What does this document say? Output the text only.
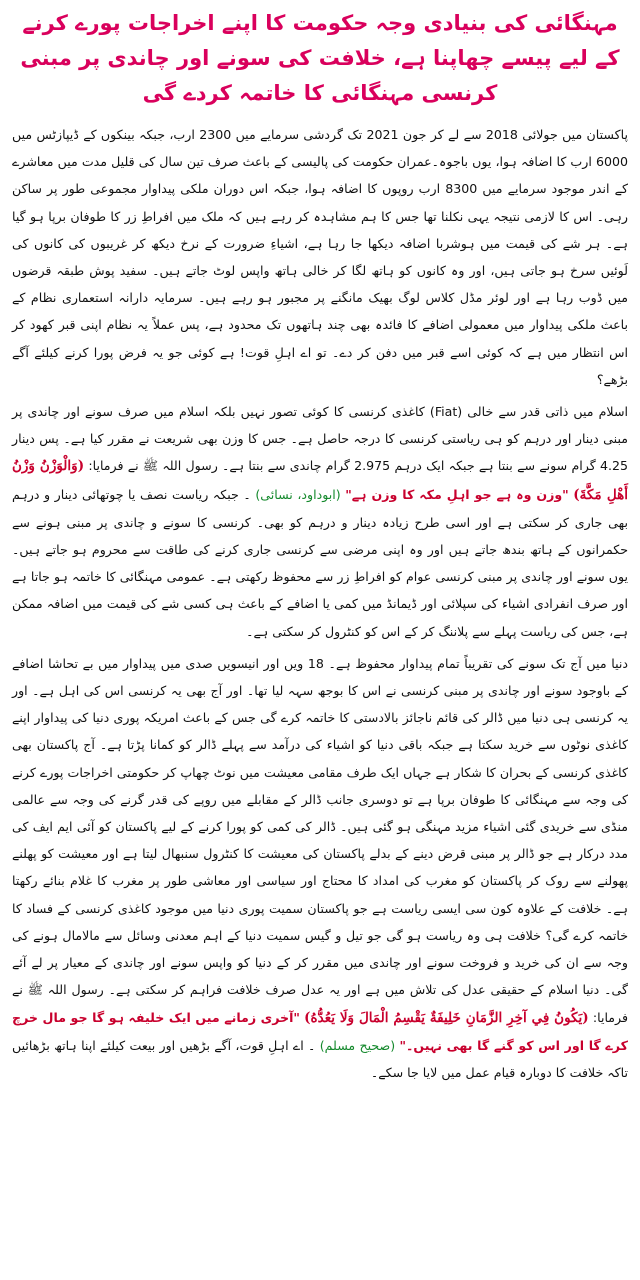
مہنگائی کی بنیادی وجہ حکومت کا اپنے اخراجات پورے کرنے کے لیے پیسے چھاپنا ہے، خلافت کی سونے اور چاندی پر مبنی کرنسی مہنگائی کا خاتمہ کردے گی

پاکستان میں جولائی 2018 سے لے کر جون 2021 تک گردشی سرمایے میں 2300 ارب، جبکہ بینکوں کے ڈیپازٹس میں 6000 ارب کا اضافہ ہوا، یوں باجوہ۔عمران حکومت کی پالیسی کے باعث صرف تین سال کی قلیل مدت میں معاشرے کے اندر موجود سرمایے میں 8300 ارب روپوں کا اضافہ ہوا، جبکہ اس دوران ملکی پیداوار مجموعی طور پر ساکن رہی۔ اس کا لازمی نتیجہ یہی نکلنا تھا جس کا ہم مشاہدہ کر رہے ہیں کہ ملک میں افراطِ زر کا طوفان برپا ہو گیا ہے۔ ہر شے کی قیمت میں ہوشربا اضافہ دیکھا جا رہا ہے، اشیاءِ ضرورت کے نرخ دیکھ کر غریبوں کی کانوں کی لَوئیں سرخ ہو جاتی ہیں، اور وہ کانوں کو ہاتھ لگا کر خالی ہاتھ واپس لوٹ جاتے ہیں۔ سفید پوش طبقہ قرضوں میں ڈوب رہا ہے اور لوئر مڈل کلاس لوگ بھیک مانگنے پر مجبور ہو رہے ہیں۔ سرمایہ دارانہ استعماری نظام کے باعث ملکی پیداوار میں معمولی اضافے کا فائدہ بھی چند ہاتھوں تک محدود ہے، پس عملاً یہ نظام اپنی قبر کھود کر اس انتظار میں ہے کہ کوئی اسے قبر میں دفن کر دے۔ تو اے اہلِ قوت! ہے کوئی جو یہ فرض پورا کرنے کیلئے آگے بڑھے؟

اسلام میں ذاتی قدر سے خالی (Fiat) کاغذی کرنسی کا کوئی تصور نہیں بلکہ اسلام میں صرف سونے اور چاندی پر مبنی دینار اور درہم کو ہی ریاستی کرنسی کا درجہ حاصل ہے۔ جس کا وزن بھی شریعت نے مقرر کیا ہے۔ پس دینار 4.25 گرام سونے سے بنتا ہے جبکہ ایک درہم 2.975 گرام چاندی سے بنتا ہے۔ رسول اللہ ﷺ نے فرمایا: (وَالْوَزْنُ وَزْنُ أَهْلِ مَكَّةَ) "وزن وہ ہے جو اہلِ مکہ کا وزن ہے" (ابوداود، نسائی) ۔ جبکہ ریاست نصف یا چوتھائی دینار و درہم بھی جاری کر سکتی ہے اور اسی طرح زیادہ دینار و درہم کو بھی۔ کرنسی کا سونے و چاندی پر مبنی ہونے سے حکمرانوں کے ہاتھ بندھ جاتے ہیں اور وہ اپنی مرضی سے کرنسی جاری کرنے کی طاقت سے محروم ہو جاتے ہیں۔ یوں سونے اور چاندی پر مبنی کرنسی عوام کو افراطِ زر سے محفوظ رکھتی ہے۔ عمومی مہنگائی کا خاتمہ ہو جاتا ہے اور صرف انفرادی اشیاء کی سپلائی اور ڈیمانڈ میں کمی یا اضافے کے باعث ہی کسی شے کی قیمت میں اضافہ ممکن ہے، جس کی ریاست پہلے سے پلاننگ کر کے اس کو کنٹرول کر سکتی ہے۔

دنیا میں آج تک سونے کی تقریباً تمام پیداوار محفوظ ہے۔ 18 ویں اور انیسویں صدی میں پیداوار میں بے تحاشا اضافے کے باوجود سونے اور چاندی پر مبنی کرنسی نے اس کا بوجھ سہہ لیا تھا۔ اور آج بھی یہ کرنسی اس کی اہل ہے۔ اور یہ کرنسی ہی دنیا میں ڈالر کی قائم ناجائز بالادستی کا خاتمہ کرے گی جس کے باعث امریکہ پوری دنیا کی پیداوار اپنے کاغذی نوٹوں سے خرید سکتا ہے جبکہ باقی دنیا کو اشیاء کی درآمد سے پہلے ڈالر کو کمانا پڑتا ہے۔ آج پاکستان بھی کاغذی کرنسی کے بحران کا شکار ہے جہاں ایک طرف مقامی معیشت میں نوٹ چھاپ کر حکومتی اخراجات پورے کرنے کی وجہ سے مہنگائی کا طوفان برپا ہے تو دوسری جانب ڈالر کے مقابلے میں روپے کی قدر گرنے کی وجہ سے عالمی منڈی سے خریدی گئی اشیاء مزید مہنگی ہو گئی ہیں۔ ڈالر کی کمی کو پورا کرنے کے لیے پاکستان کو آئی ایم ایف کی مدد درکار ہے جو ڈالر پر مبنی قرض دینے کے بدلے پاکستان کی معیشت کا کنٹرول سنبھال لیتا ہے اور معیشت کو پھلنے پھولنے سے روک کر پاکستان کو مغرب کی امداد کا محتاج اور سیاسی اور معاشی طور پر مغرب کا غلام بنائے رکھتا ہے۔ خلافت کے علاوہ کون سی ایسی ریاست ہے جو پاکستان سمیت پوری دنیا میں موجود کاغذی کرنسی کے فساد کا خاتمہ کرے گی؟ خلافت ہی وہ ریاست ہو گی جو تیل و گیس سمیت دنیا کے اہم معدنی وسائل سے مالامال ہونے کی وجہ سے ان کی خرید و فروخت سونے اور چاندی میں مقرر کر کے دنیا کو واپس سونے اور چاندی کے معیار پر لے آئے گی۔ دنیا اسلام کے حقیقی عدل کی تلاش میں ہے اور یہ عدل صرف خلافت فراہم کر سکتی ہے۔ رسول اللہ ﷺ نے فرمایا: (يَكُونُ فِي آخِرِ الزَّمَانِ خَلِيفَةٌ يَقْسِمُ الْمَالَ وَلَا يَعُدُّهُ) "آخری زمانے میں ایک خلیفہ ہو گا جو مال خرچ کرے گا اور اس کو گنے گا بھی نہیں۔" (صحیح مسلم) ۔ اے اہلِ قوت، آگے بڑھیں اور بیعت کیلئے اپنا ہاتھ بڑھائیں تاکہ خلافت کا دوبارہ قیام عمل میں لایا جا سکے۔
